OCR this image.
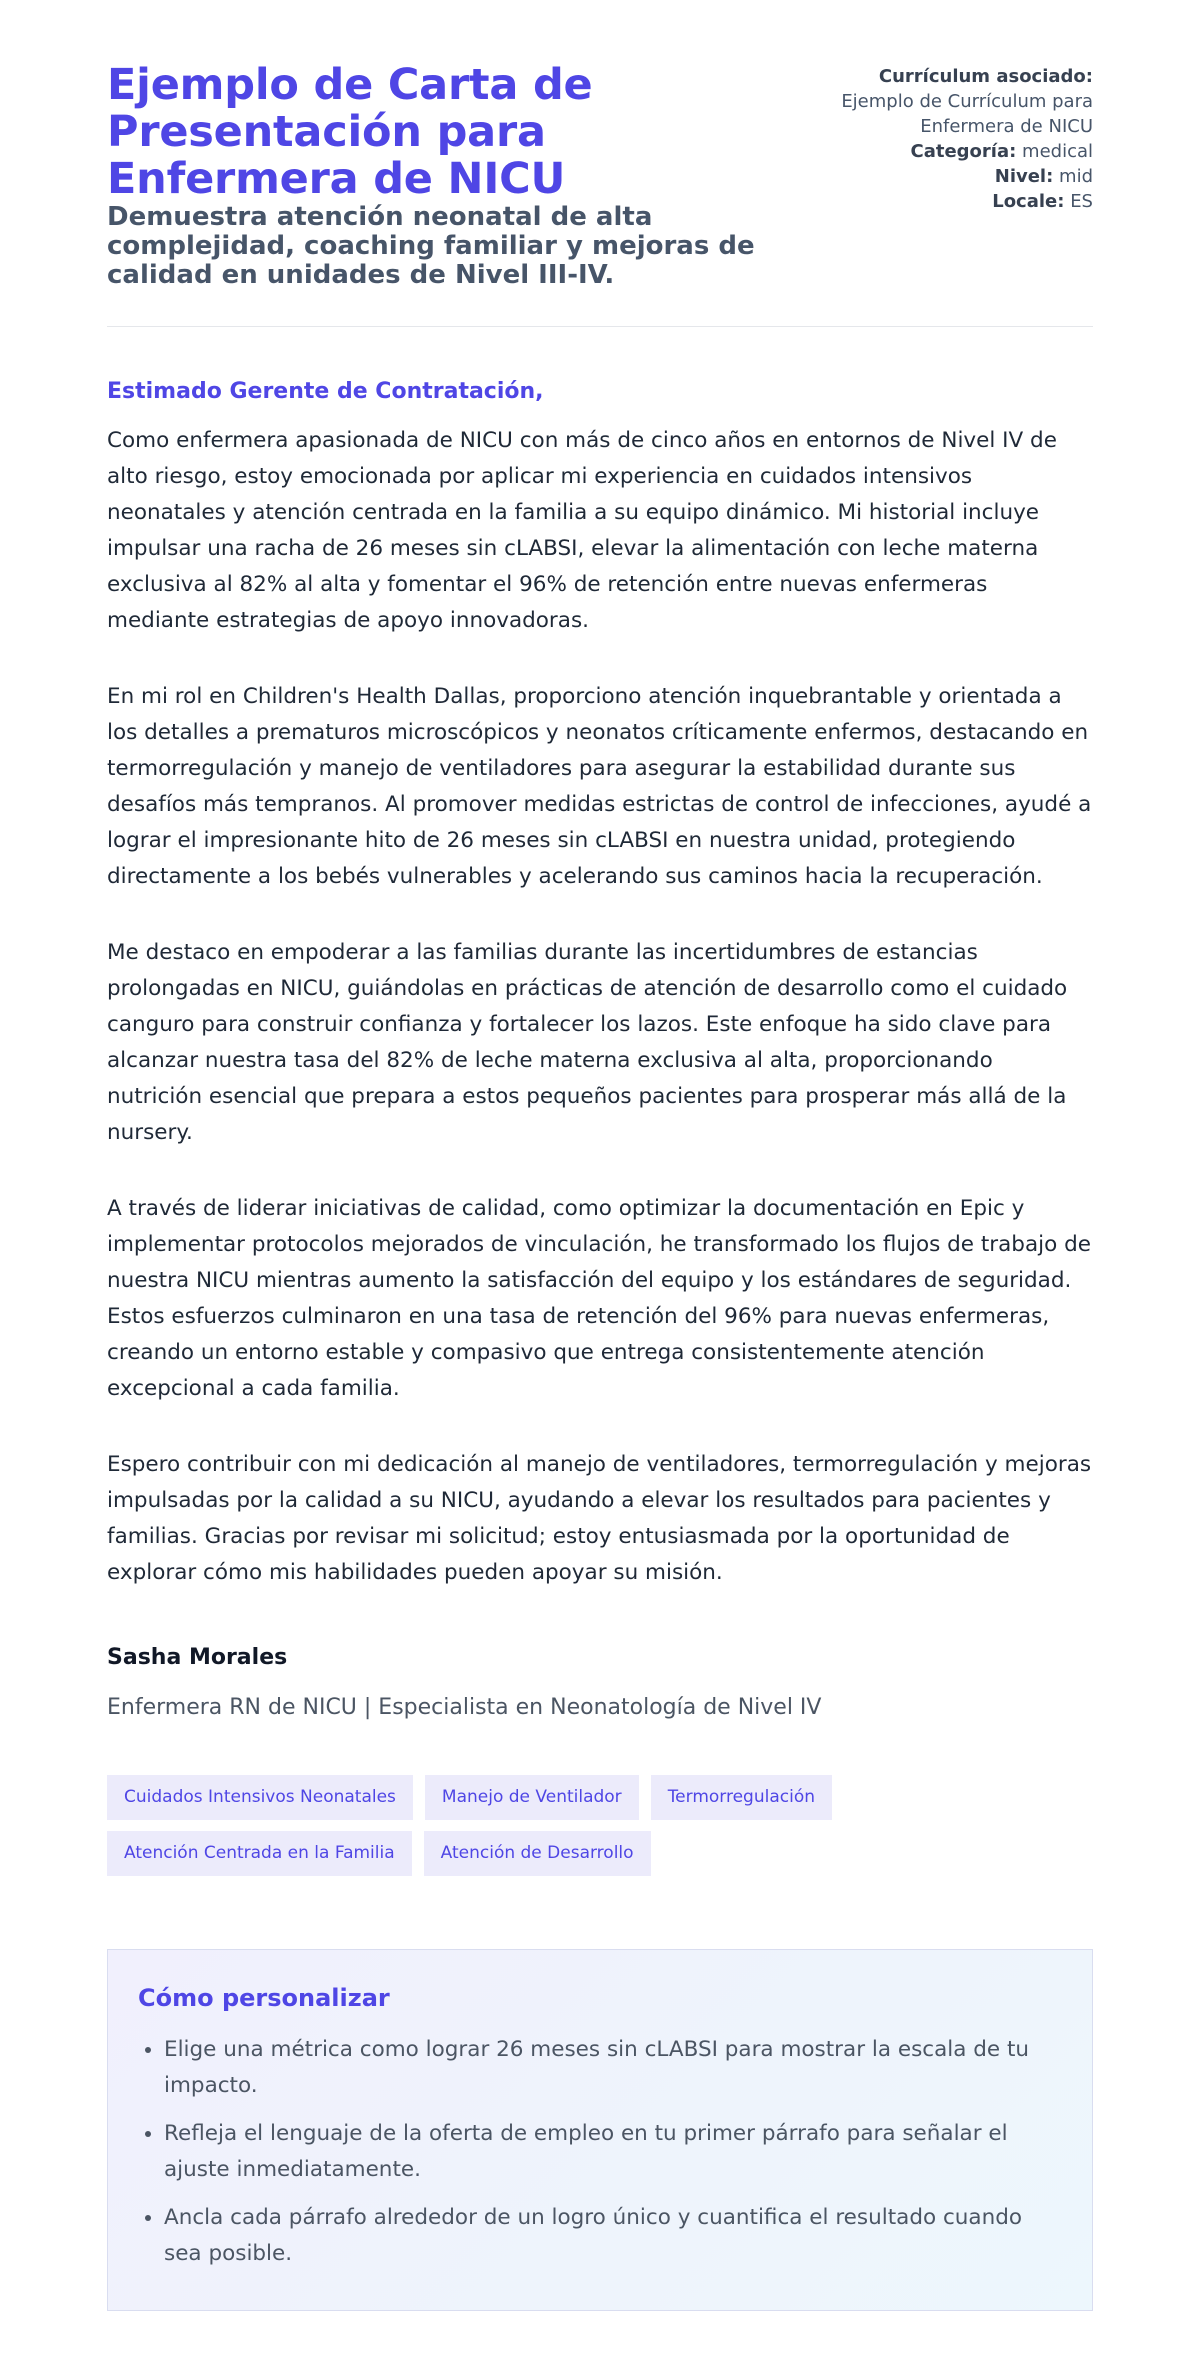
Ejemplo de Carta de Presentación para Enfermera de NICU
Demuestra atención neonatal de alta complejidad, coaching familiar y mejoras de calidad en unidades de Nivel III-IV.

Currículum asociado:
Ejemplo de Currículum para Enfermera de NICU

Categoría: medical

Nivel: mid

Locale: ES

Estimado Gerente de Contratación,

Como enfermera apasionada de NICU con más de cinco años en entornos de Nivel IV de alto riesgo, estoy emocionada por aplicar mi experiencia en cuidados intensivos neonatales y atención centrada en la familia a su equipo dinámico. Mi historial incluye impulsar una racha de 26 meses sin cLABSI, elevar la alimentación con leche materna exclusiva al 82% al alta y fomentar el 96% de retención entre nuevas enfermeras mediante estrategias de apoyo innovadoras.

En mi rol en Children's Health Dallas, proporciono atención inquebrantable y orientada a los detalles a prematuros microscópicos y neonatos críticamente enfermos, destacando en termorregulación y manejo de ventiladores para asegurar la estabilidad durante sus desafíos más tempranos. Al promover medidas estrictas de control de infecciones, ayudé a lograr el impresionante hito de 26 meses sin cLABSI en nuestra unidad, protegiendo directamente a los bebés vulnerables y acelerando sus caminos hacia la recuperación.

Me destaco en empoderar a las familias durante las incertidumbres de estancias prolongadas en NICU, guiándolas en prácticas de atención de desarrollo como el cuidado canguro para construir confianza y fortalecer los lazos. Este enfoque ha sido clave para alcanzar nuestra tasa del 82% de leche materna exclusiva al alta, proporcionando nutrición esencial que prepara a estos pequeños pacientes para prosperar más allá de la nursery.

A través de liderar iniciativas de calidad, como optimizar la documentación en Epic y implementar protocolos mejorados de vinculación, he transformado los flujos de trabajo de nuestra NICU mientras aumento la satisfacción del equipo y los estándares de seguridad. Estos esfuerzos culminaron en una tasa de retención del 96% para nuevas enfermeras, creando un entorno estable y compasivo que entrega consistentemente atención excepcional a cada familia.

Espero contribuir con mi dedicación al manejo de ventiladores, termorregulación y mejoras impulsadas por la calidad a su NICU, ayudando a elevar los resultados para pacientes y familias. Gracias por revisar mi solicitud; estoy entusiasmada por la oportunidad de explorar cómo mis habilidades pueden apoyar su misión.

Sasha Morales

Enfermera RN de NICU | Especialista en Neonatología de Nivel IV

Cuidados Intensivos Neonatales	Manejo de Ventilador	Termorregulación
Atención Centrada en la Familia	Atención de Desarrollo
Cómo personalizar
• Elige una métrica como lograr 26 meses sin cLABSI para mostrar la escala de tu impacto.
• Refleja el lenguaje de la oferta de empleo en tu primer párrafo para señalar el ajuste inmediatamente.
• Ancla cada párrafo alrededor de un logro único y cuantifica el resultado cuando sea posible.
